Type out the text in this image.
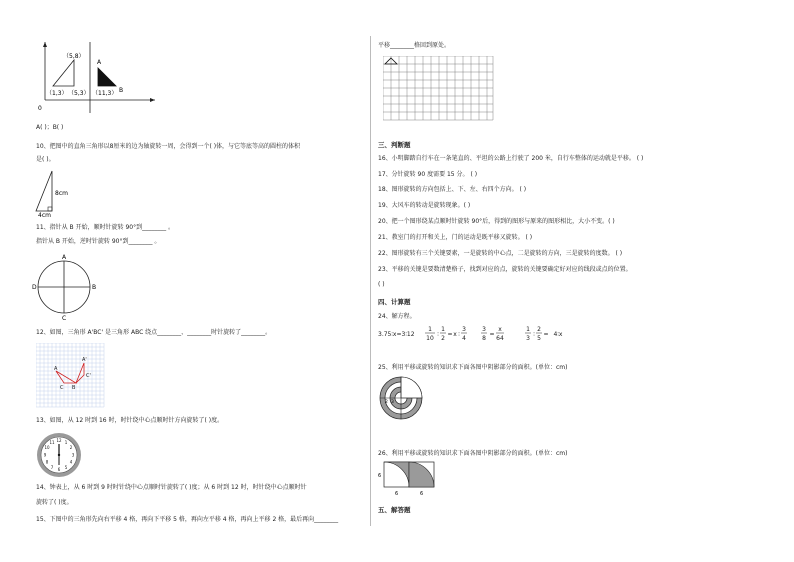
（5,8）
（1,3） （5,3） （11,3）
A
B
0
A( )；B( )
10、把图中的直角三角形以8厘米的边为轴旋转一周，会得到一个( )体，与它等底等高的圆柱的体积
是( )。
8cm
4cm
11、指针从 B 开始，顺时针旋转 90°到________ 。
指针从 B 开始，逆时针旋转 90°到________ 。
A
B
C
D
12、如图，三角形 A'BC' 是三角形 ABC 绕点________、________时针旋转了________。
A
A'
B
C
C'
13、如图，从 12 时到 16 时，时针绕中心点顺时针方向旋转了( )度。
12 1
2
3
4
5
6
7
8
9
10
11
14、钟表上，从 6 时到 9 时时针绕中心点顺时针旋转了( )度；从 6 时到 12 时，时针绕中心点顺时针
旋转了( )度。
15、下图中的三角形先向右平移 4 格，再向下平移 5 格，再向左平移 4 格，再向上平移 2 格，最后再向________
平移________格回到原处。
三、判断题
16、小明脚踏自行车在一条笔直的、平坦的公路上行驶了 200 米，自行车整体的运动就是平移。 ( )
17、分针旋转 90 度需要 15 分。 ( )
18、图形旋转的方向包括上、下、左、右四个方向。 ( )
19、大风车的转动是旋转现象。( )
20、把一个图形绕某点顺时针旋转 90°后，得到的图形与原来的图形相比，大小不变。( )
21、教室门的打开和关上，门的运动是既平移又旋转。 ( )
22、图形旋转有三个关键要素，一是旋转的中心点，二是旋转的方向，三是旋转的度数。 ( )
23、平移的关键是要数清楚格子，找到对应的点，旋转的关键要确定好对应的线段或点的位置。
( )
四、计算题
24、解方程。
3.75∶x=3∶12
1
10
∶
1
2
= x ∶
3
4
3
8
=
x
64
1
3
∶
2
5
= 4∶x
25、利用平移或旋转的知识求下面各图中阴影部分的面积。(单位：cm)
2 3
26、利用平移或旋转的知识求下面各图中阴影部分的面积。(单位：cm)
6
6	6
五、解答题
